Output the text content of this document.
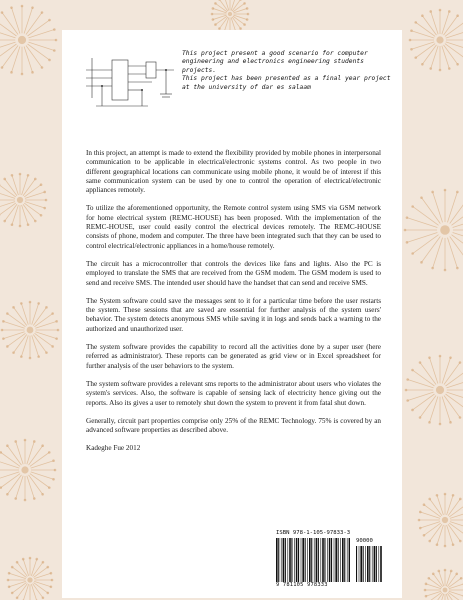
This project present a good scenario for computer
engineering and electronics engineering students
projects.
This project has been presented as a final year project
at the university of dar es salaam

In this project, an attempt is made to extend the flexibility provided by mobile phones in interpersonal communication to be applicable in electrical/electronic systems control. As two people in two different geographical locations can communicate using mobile phone, it would be of interest if this same communication system can be used by one to control the operation of electrical/electronic appliances remotely.

To utilize the aforementioned opportunity, the Remote control system using SMS via GSM network for home electrical system (REMC-HOUSE) has been proposed. With the implementation of the REMC-HOUSE, user could easily control the electrical devices remotely. The REMC-HOUSE consists of phone, modem and computer. The three have been integrated such that they can be used to control electrical/electronic appliances in a home/house remotely.

The circuit has a microcontroller that controls the devices like fans and lights. Also the PC is employed to translate the SMS that are received from the GSM modem. The GSM modem is used to send and receive SMS. The intended user should have the handset that can send and receive SMS.

The System software could save the messages sent to it for a particular time before the user restarts the system. These sessions that are saved are essential for further analysis of the system users' behavior. The system detects anonymous SMS while saving it in logs and sends back a warning to the authorized and unauthorized user.

The system software provides the capability to record all the activities done by a super user (here referred as administrator). These reports can be generated as grid view or in Excel spreadsheet for further analysis of the user behaviors to the system.

The system software provides a relevant sms reports to the administrator about users who violates the system's services. Also, the software is capable of sensing lack of electricity hence giving out the reports. Also its gives a user to remotely shut down the system to prevent it from fatal shut down.

Generally, circuit part properties comprise only 25% of the REMC Technology. 75% is covered by an advanced software properties as described above.

Kadeghe Fue 2012

ISBN 978-1-105-97833-3
90000
9 781105 978333
